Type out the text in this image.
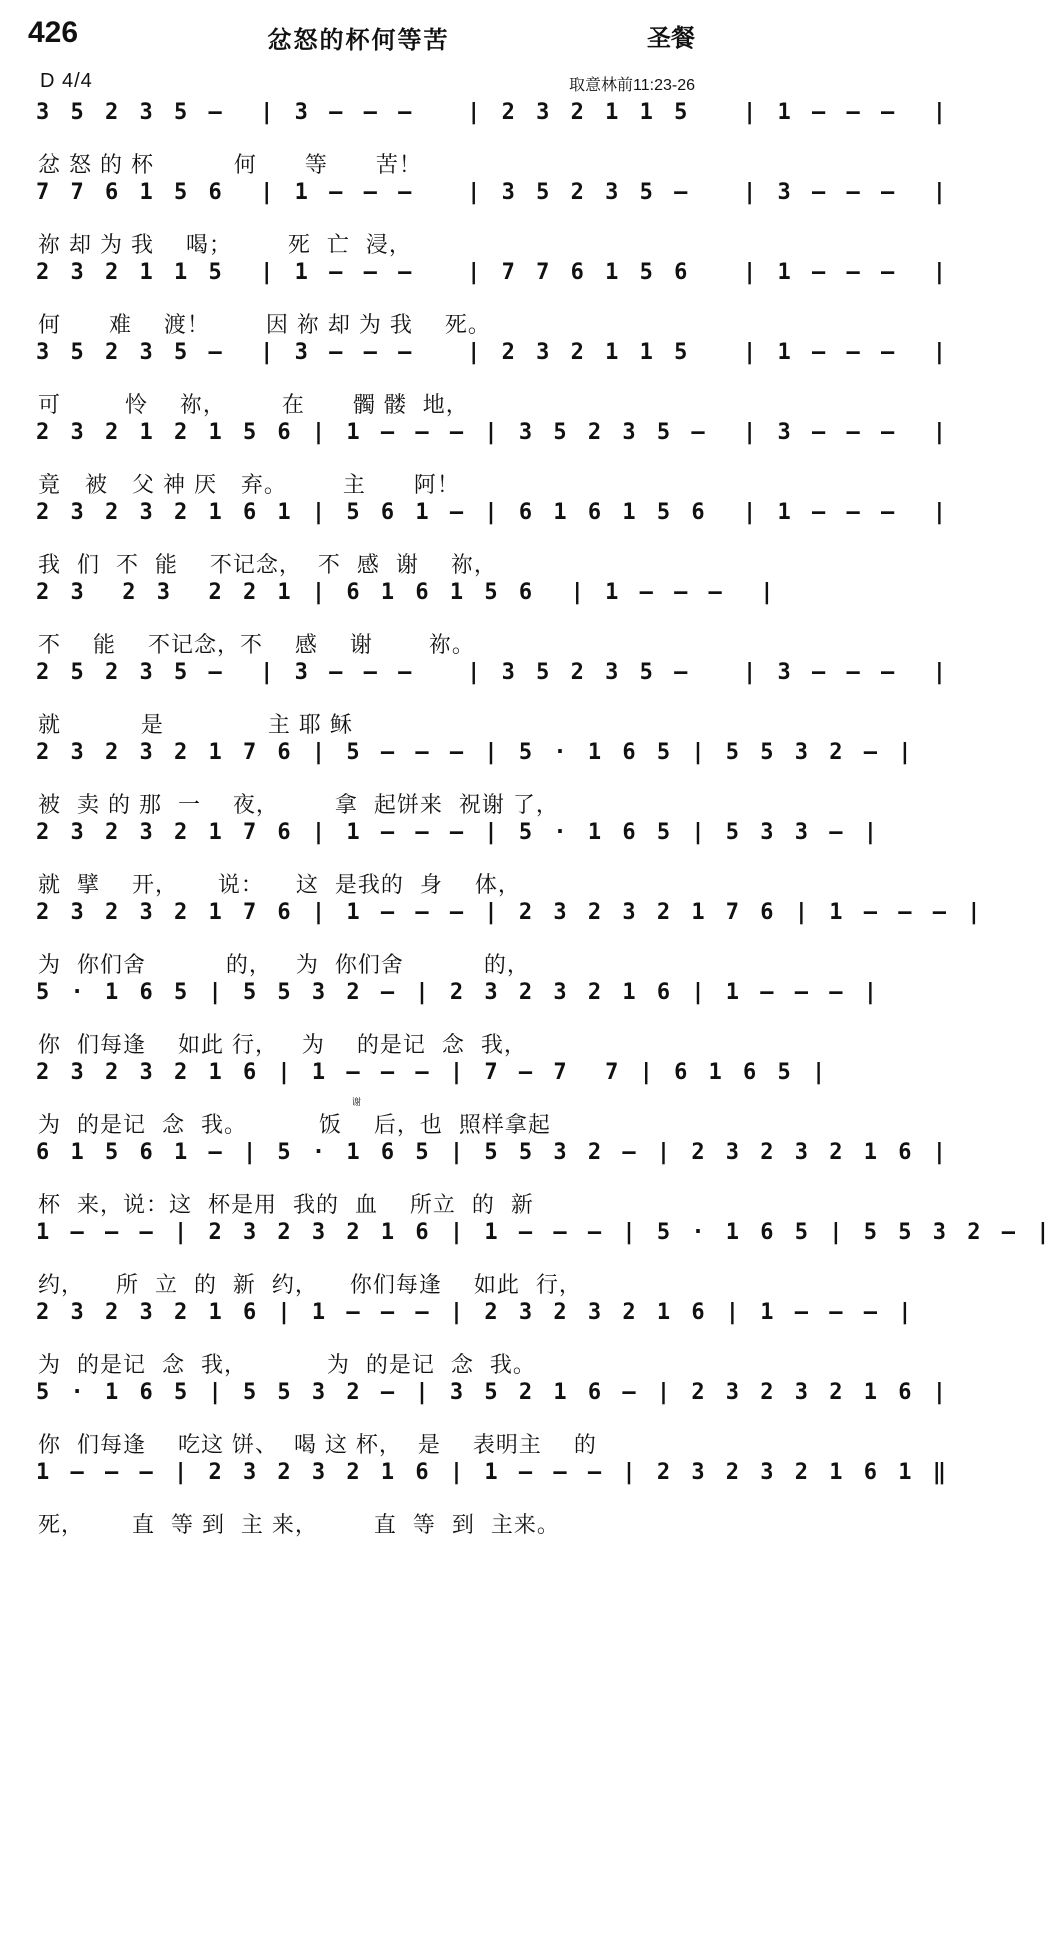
426	忿怒的杯何等苦	圣餐
D 4/4	取意林前11:23-26
3 5 2 3 5 —  | 3 — — —   | 2 3 2 1 1 5   | 1 — — —  |
忿 怒 的 杯          何      等      苦！
7 7 6 1 5 6  | 1 — — —   | 3 5 2 3 5 —   | 3 — — —  |
祢 却 为 我    喝；       死  亡  浸，
2 3 2 1 1 5  | 1 — — —   | 7 7 6 1 5 6   | 1 — — —  |
何      难    渡！       因 祢 却 为 我    死。
3 5 2 3 5 —  | 3 — — —   | 2 3 2 1 1 5   | 1 — — —  |
可        怜    祢，       在      髑 髅  地，
2 3 2 1 2 1 5 6 | 1 — — — | 3 5 2 3 5 —  | 3 — — —  |
竟   被   父 神 厌   弃。       主      阿！
2 3 2 3 2 1 6 1 | 5 6 1 — | 6 1 6 1 5 6  | 1 — — —  |
我  们  不  能    不记念，  不  感  谢    祢，
2 3  2 3  2 2 1 | 6 1 6 1 5 6  | 1 — — —  |
不    能    不记念，不    感    谢       祢。
2 5 2 3 5 —  | 3 — — —   | 3 5 2 3 5 —   | 3 — — —  |
就          是             主 耶 稣
2 3 2 3 2 1 7 6 | 5 — — — | 5 · 1 6 5 | 5 5 3 2 — |
被  卖 的 那  一    夜，       拿  起饼来  祝谢 了，
2 3 2 3 2 1 7 6 | 1 — — — | 5 · 1 6 5 | 5 3 3 — |
就  擘    开，     说：    这  是我的  身    体，
2 3 2 3 2 1 7 6 | 1 — — — | 2 3 2 3 2 1 7 6 | 1 — — — |
为  你们舍          的，   为  你们舍          的，
5 · 1 6 5 | 5 5 3 2 — | 2 3 2 3 2 1 6 | 1 — — — |
你  们每逢    如此 行，   为    的是记  念  我，
2 3 2 3 2 1 6 | 1 — — — | 7 — 7  7 | 6 1 6 5 |
为  的是记  念  我。         饭    后，也  照样拿起
6 1 5 6 1 — | 5 · 1 6 5 | 5 5 3 2 — | 2 3 2 3 2 1 6 |
杯  来，说：这  杯是用  我的  血    所立  的  新
1 — — — | 2 3 2 3 2 1 6 | 1 — — — | 5 · 1 6 5 | 5 5 3 2 — |
约，    所  立  的  新  约，    你们每逢    如此  行，
2 3 2 3 2 1 6 | 1 — — — | 2 3 2 3 2 1 6 | 1 — — — |
为  的是记  念  我，          为  的是记  念  我。
5 · 1 6 5 | 5 5 3 2 — | 3 5 2 1 6 — | 2 3 2 3 2 1 6 |
你  们每逢    吃这 饼、  喝 这 杯，  是    表明主    的
1 — — — | 2 3 2 3 2 1 6 | 1 — — — | 2 3 2 3 2 1 6 1 ‖
死，      直  等 到  主 来，       直  等  到  主来。
谢
